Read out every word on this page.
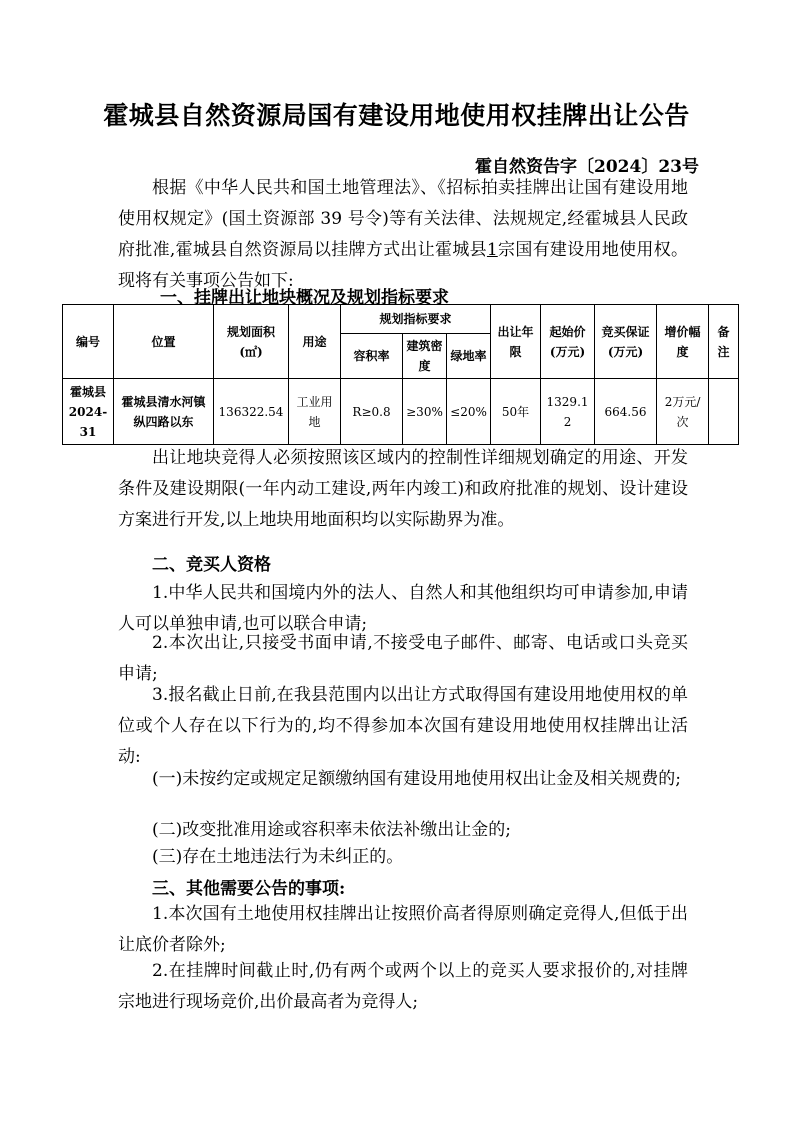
霍城县自然资源局国有建设用地使用权挂牌出让公告
霍自然资告字〔2024〕23号

根据《中华人民共和国土地管理法》、《招标拍卖挂牌出让国有建设用地使用权规定》(国土资源部 39 号令)等有关法律、法规规定,经霍城县人民政府批准,霍城县自然资源局以挂牌方式出让霍城县1宗国有建设用地使用权。现将有关事项公告如下:

一、挂牌出让地块概况及规划指标要求
编号	位置	规划面积(㎡)	用途	规划指标要求			出让年限	起始价(万元)	竞买保证(万元)	增价幅度	备注
				容积率	建筑密度	绿地率					
霍城县2024-31	霍城县清水河镇纵四路以东	136322.54	工业用地	R≥0.8	≥30%	≤20%	50年	1329.12	664.56	2万元/次	

出让地块竞得人必须按照该区域内的控制性详细规划确定的用途、开发条件及建设期限(一年内动工建设,两年内竣工)和政府批准的规划、设计建设方案进行开发,以上地块用地面积均以实际勘界为准。

二、竞买人资格

1.中华人民共和国境内外的法人、自然人和其他组织均可申请参加,申请人可以单独申请,也可以联合申请;

2.本次出让,只接受书面申请,不接受电子邮件、邮寄、电话或口头竞买申请;

3.报名截止日前,在我县范围内以出让方式取得国有建设用地使用权的单位或个人存在以下行为的,均不得参加本次国有建设用地使用权挂牌出让活动:

(一)未按约定或规定足额缴纳国有建设用地使用权出让金及相关规费的;

(二)改变批准用途或容积率未依法补缴出让金的;

(三)存在土地违法行为未纠正的。

三、其他需要公告的事项:

1.本次国有土地使用权挂牌出让按照价高者得原则确定竞得人,但低于出让底价者除外;

2.在挂牌时间截止时,仍有两个或两个以上的竞买人要求报价的,对挂牌宗地进行现场竞价,出价最高者为竞得人;
